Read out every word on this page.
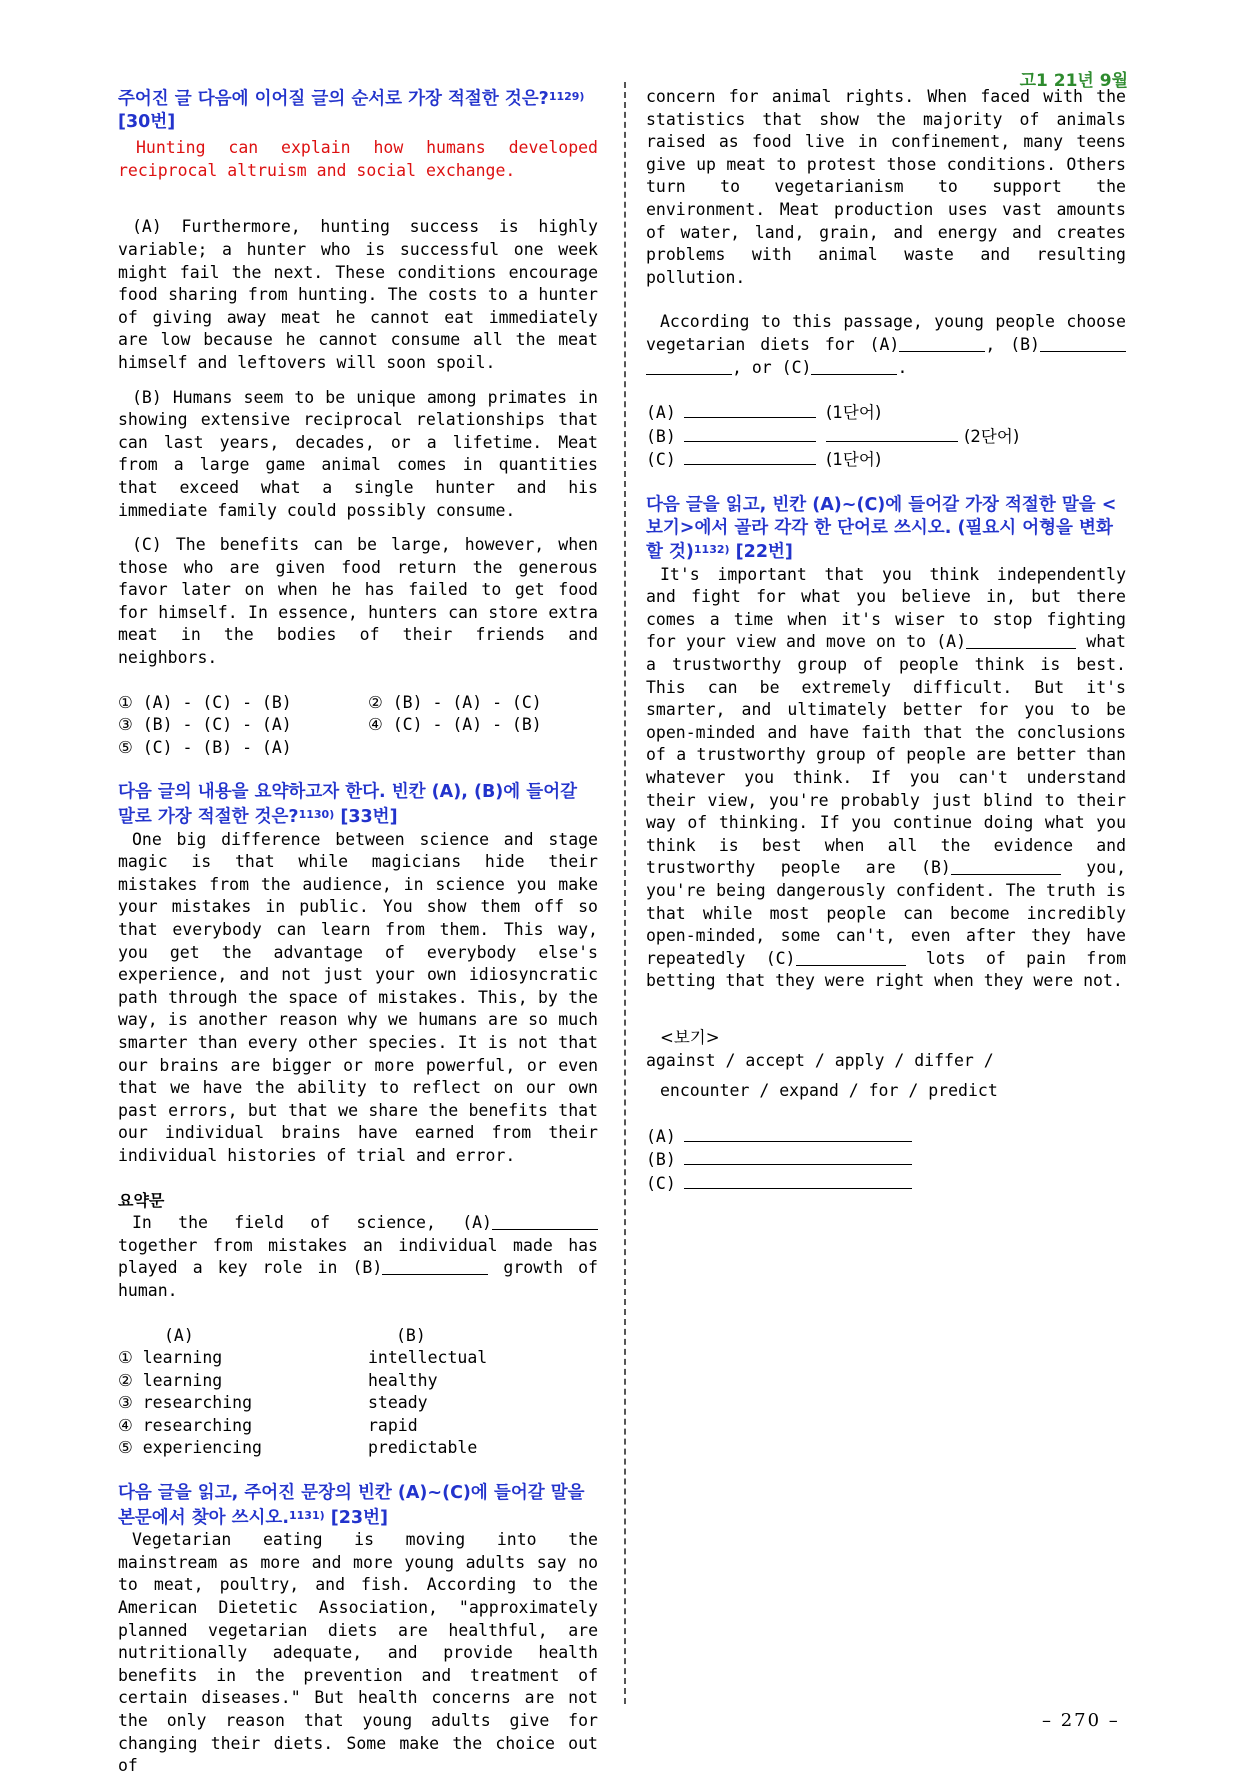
고1 21년 9월
주어진 글 다음에 이어질 글의 순서로 가장 적절한 것은?$^{1129)}$ [30번]

Hunting can explain how humans developed reciprocal altruism and social exchange.

(A) Furthermore, hunting success is highly variable; a hunter who is successful one week might fail the next. These conditions encourage food sharing from hunting. The costs to a hunter of giving away meat he cannot eat immediately are low because he cannot consume all the meat himself and leftovers will soon spoil.

(B) Humans seem to be unique among primates in showing extensive reciprocal relationships that can last years, decades, or a lifetime. Meat from a large game animal comes in quantities that exceed what a single hunter and his immediate family could possibly consume.

(C) The benefits can be large, however, when those who are given food return the generous favor later on when he has failed to get food for himself. In essence, hunters can store extra meat in the bodies of their friends and neighbors.

① (A) - (C) - (B)	② (B) - (A) - (C)
③ (B) - (C) - (A)	④ (C) - (A) - (B)
⑤ (C) - (B) - (A)
다음 글의 내용을 요약하고자 한다. 빈칸 (A), (B)에 들어갈 말로 가장 적절한 것은?$^{1130)}$ [33번]

One big difference between science and stage magic is that while magicians hide their mistakes from the audience, in science you make your mistakes in public. You show them off so that everybody can learn from them. This way, you get the advantage of everybody else's experience, and not just your own idiosyncratic path through the space of mistakes. This, by the way, is another reason why we humans are so much smarter than every other species. It is not that our brains are bigger or more powerful, or even that we have the ability to reflect on our own past errors, but that we share the benefits that our individual brains have earned from their individual histories of trial and error.

요약문

In the field of science, (A) together from mistakes an individual made has played a key role in (B)	growth of human.

(A)	(B)
① learning	intellectual
② learning	healthy
③ researching	steady
④ researching	rapid
⑤ experiencing	predictable
다음 글을 읽고, 주어진 문장의 빈칸 (A)~(C)에 들어갈 말을 본문에서 찾아 쓰시오.$^{1131)}$ [23번]

Vegetarian eating is moving into the mainstream as more and more young adults say no to meat, poultry, and fish. According to the American Dietetic Association, "approximately planned vegetarian diets are healthful, are nutritionally adequate, and provide health benefits in the prevention and treatment of certain diseases." But health concerns are not the only reason that young adults give for changing their diets. Some make the choice out of

concern for animal rights. When faced with the statistics that show the majority of animals raised as food live in confinement, many teens give up meat to protest those conditions. Others turn to vegetarianism to support the environment. Meat production uses vast amounts of water, land, grain, and energy and creates problems with animal waste and resulting pollution.

According to this passage, young people choose vegetarian diets for (A)	, (B), or (C)	.

(A)	(1단어)
(B)	(2단어)
(C)	(1단어)
다음 글을 읽고, 빈칸 (A)~(C)에 들어갈 가장 적절한 말을 <보기>에서 골라 각각 한 단어로 쓰시오. (필요시 어형을 변화할 것)$^{1132)}$ [22번]

It's important that you think independently and fight for what you believe in, but there comes a time when it's wiser to stop fighting for your view and move on to (A)	what a trustworthy group of people think is best. This can be extremely difficult. But it's smarter, and ultimately better for you to be open-minded and have faith that the conclusions of a trustworthy group of people are better than whatever you think. If you can't understand their view, you're probably just blind to their way of thinking. If you continue doing what you think is best when all the evidence and trustworthy people are (B)	you, you're being dangerously confident. The truth is that while most people can become incredibly open-minded, some can't, even after they have repeatedly (C)	lots of pain from betting that they were right when they were not.

<보기>
against / accept / apply / differ /
encounter / expand / for / predict
(A)
(B)
(C)
– 270 –
